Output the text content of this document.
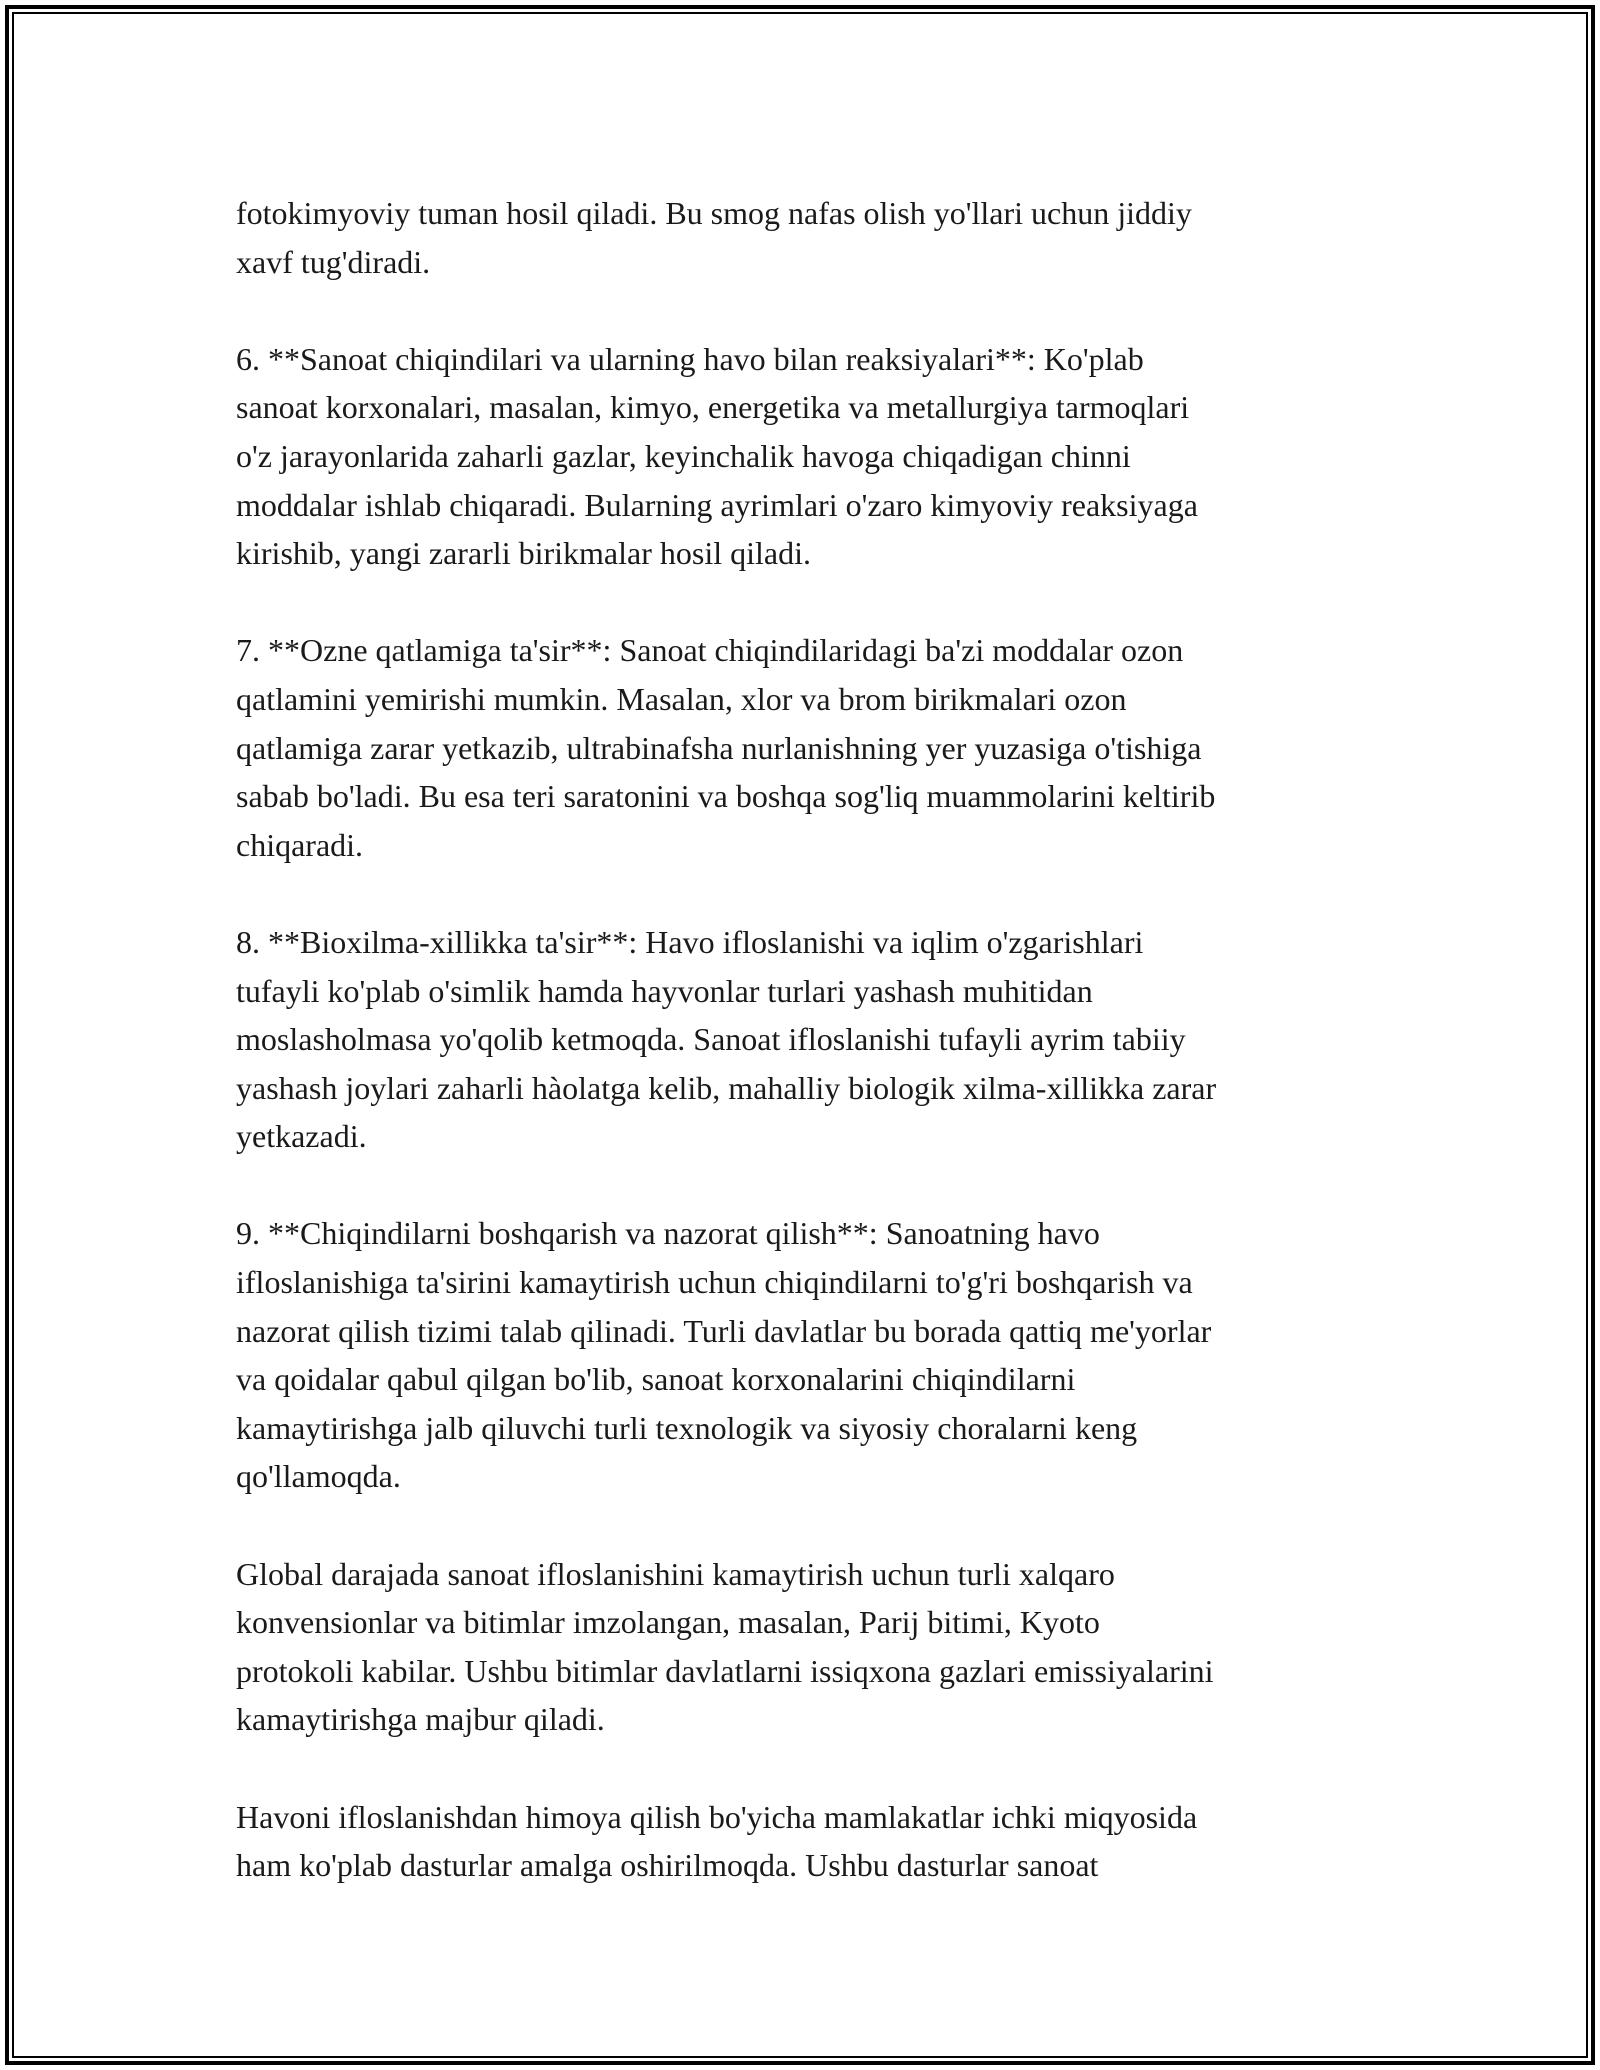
fotokimyoviy tuman hosil qiladi. Bu smog nafas olish yo'llari uchun jiddiy
xavf tug'diradi.

6. **Sanoat chiqindilari va ularning havo bilan reaksiyalari**: Ko'plab
sanoat korxonalari, masalan, kimyo, energetika va metallurgiya tarmoqlari
o'z jarayonlarida zaharli gazlar, keyinchalik havoga chiqadigan chinni
moddalar ishlab chiqaradi. Bularning ayrimlari o'zaro kimyoviy reaksiyaga
kirishib, yangi zararli birikmalar hosil qiladi.

7. **Ozne qatlamiga ta'sir**: Sanoat chiqindilaridagi ba'zi moddalar ozon
qatlamini yemirishi mumkin. Masalan, xlor va brom birikmalari ozon
qatlamiga zarar yetkazib, ultrabinafsha nurlanishning yer yuzasiga o'tishiga
sabab bo'ladi. Bu esa teri saratonini va boshqa sog'liq muammolarini keltirib
chiqaradi.

8. **Bioxilma-xillikka ta'sir**: Havo ifloslanishi va iqlim o'zgarishlari
tufayli ko'plab o'simlik hamda hayvonlar turlari yashash muhitidan
moslasholmasa yo'qolib ketmoqda. Sanoat ifloslanishi tufayli ayrim tabiiy
yashash joylari zaharli hàolatga kelib, mahalliy biologik xilma-xillikka zarar
yetkazadi.

9. **Chiqindilarni boshqarish va nazorat qilish**: Sanoatning havo
ifloslanishiga ta'sirini kamaytirish uchun chiqindilarni to'g'ri boshqarish va
nazorat qilish tizimi talab qilinadi. Turli davlatlar bu borada qattiq me'yorlar
va qoidalar qabul qilgan bo'lib, sanoat korxonalarini chiqindilarni
kamaytirishga jalb qiluvchi turli texnologik va siyosiy choralarni keng
qo'llamoqda.

Global darajada sanoat ifloslanishini kamaytirish uchun turli xalqaro
konvensionlar va bitimlar imzolangan, masalan, Parij bitimi, Kyoto
protokoli kabilar. Ushbu bitimlar davlatlarni issiqxona gazlari emissiyalarini
kamaytirishga majbur qiladi.

Havoni ifloslanishdan himoya qilish bo'yicha mamlakatlar ichki miqyosida
ham ko'plab dasturlar amalga oshirilmoqda. Ushbu dasturlar sanoat
